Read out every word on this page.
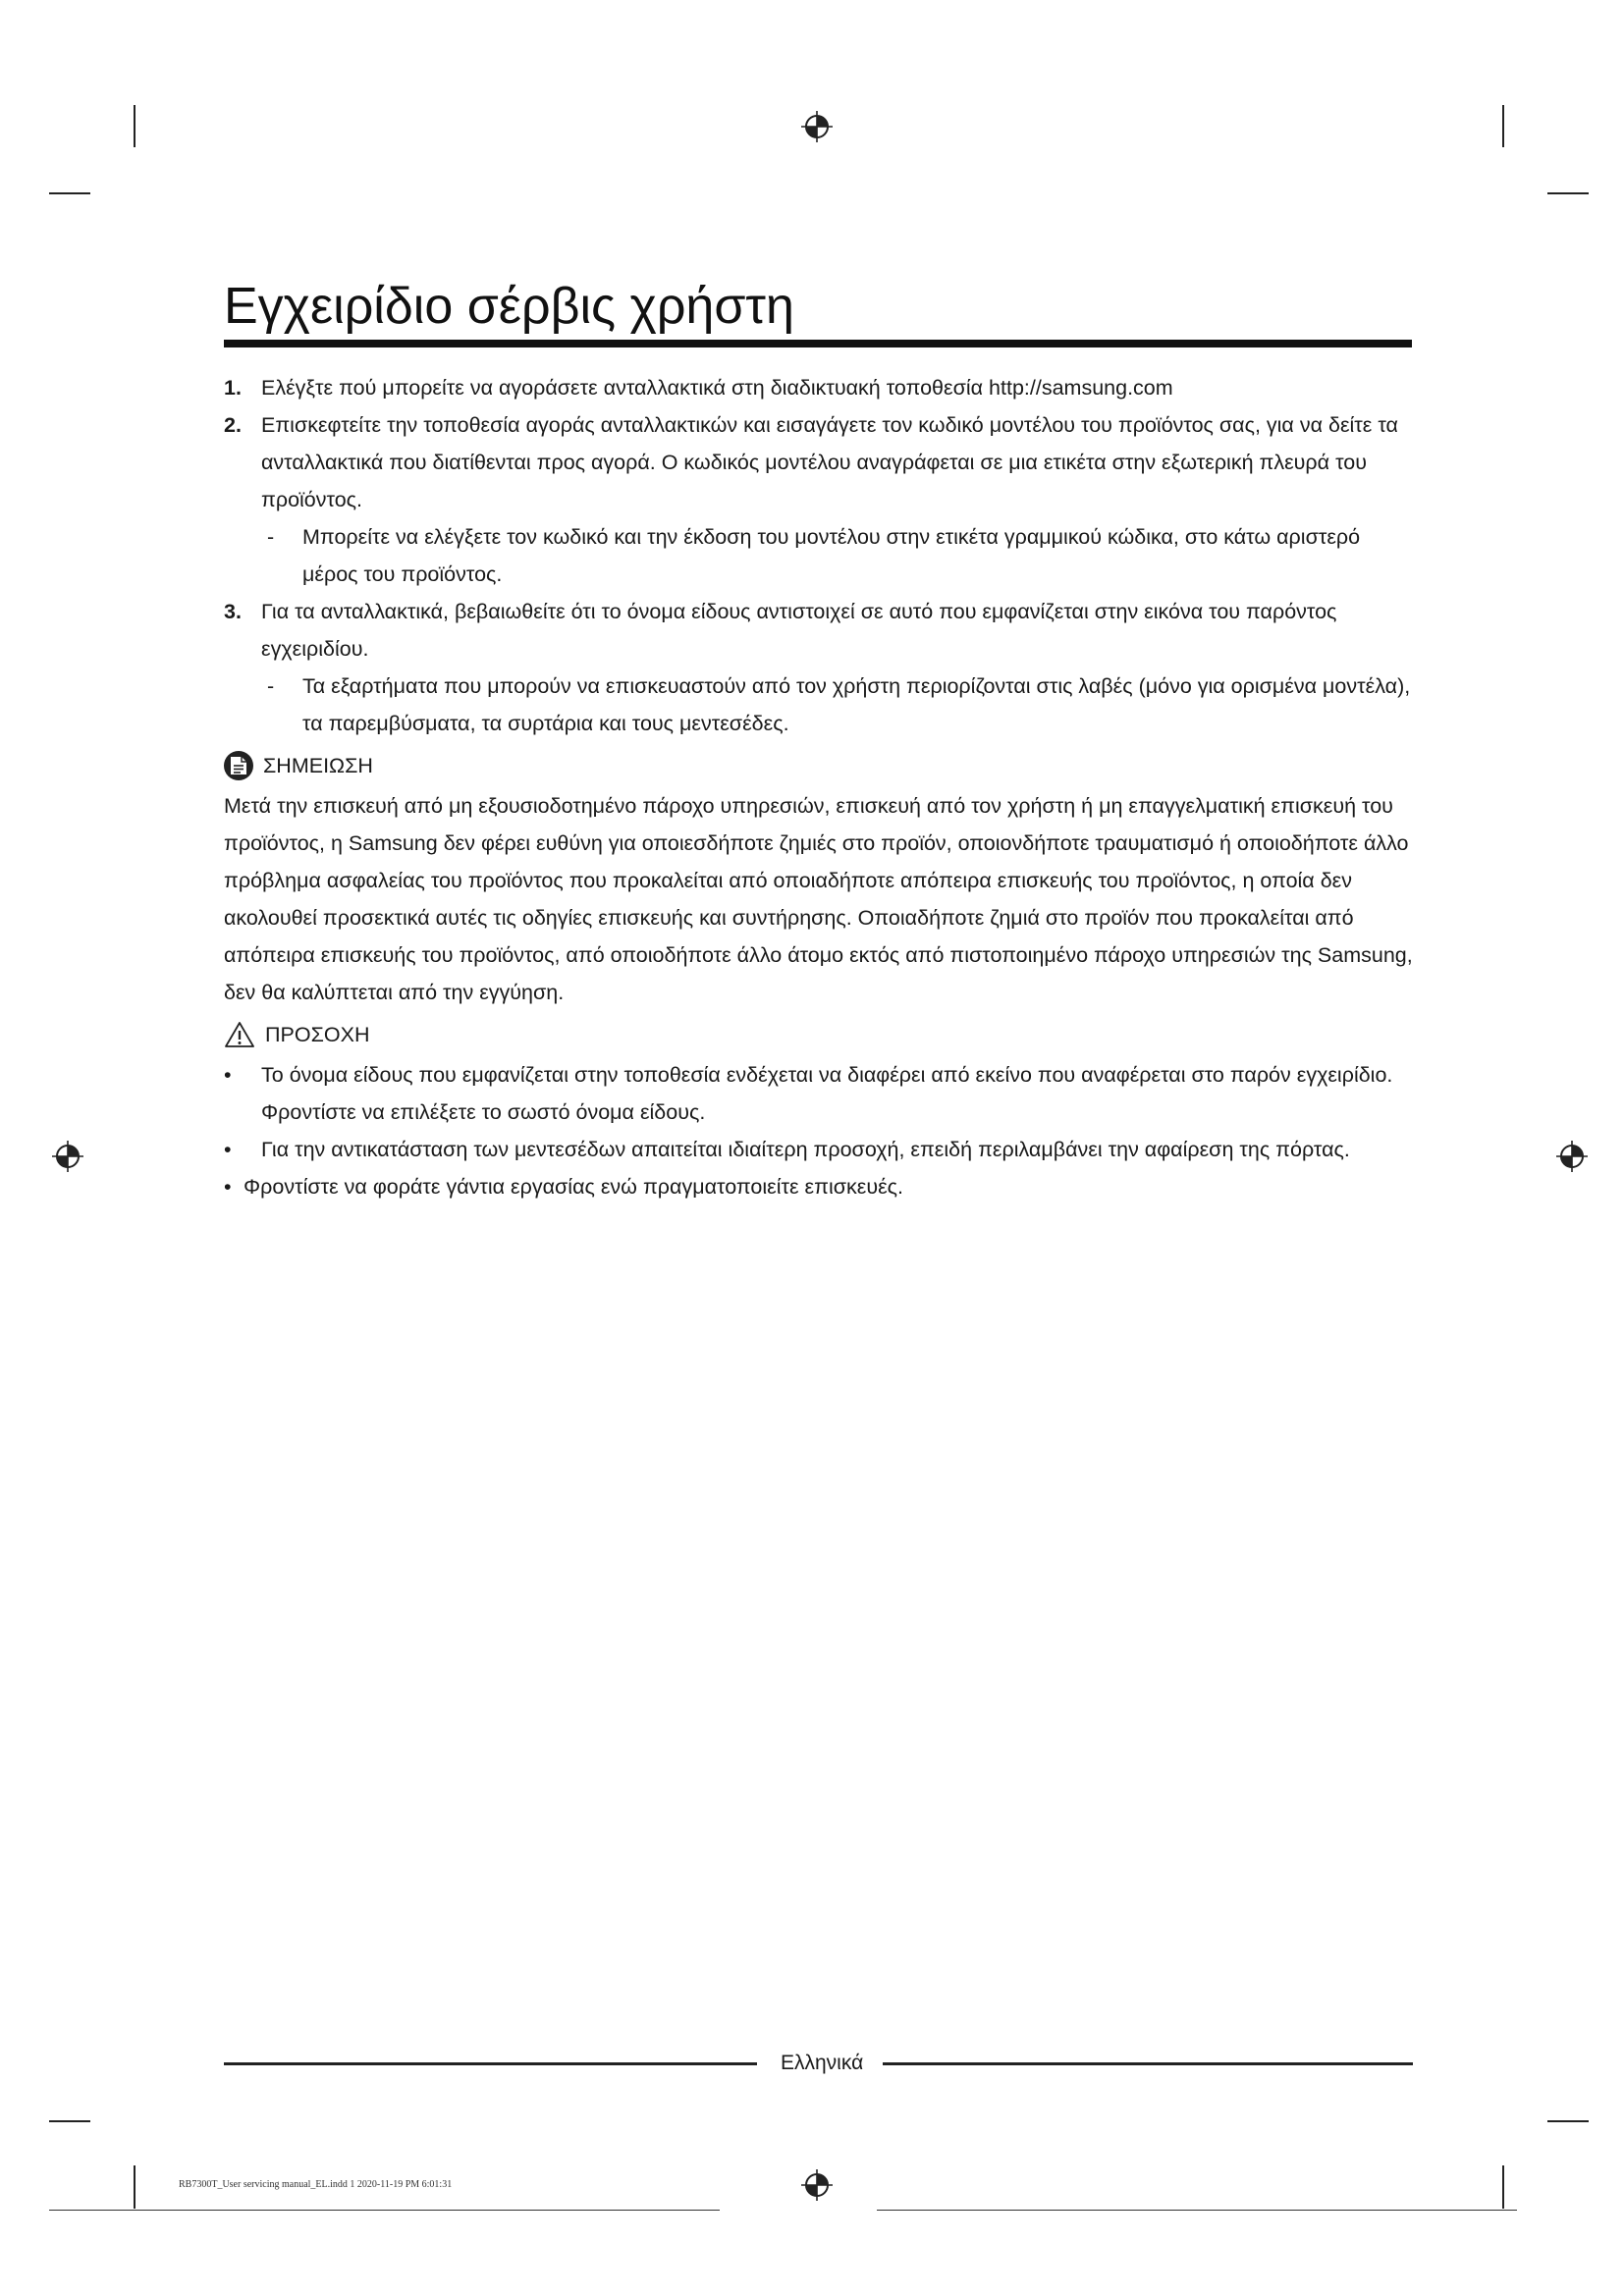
Εγχειρίδιο σέρβις χρήστη
1. Ελέγξτε πού μπορείτε να αγοράσετε ανταλλακτικά στη διαδικτυακή τοποθεσία http://samsung.com

2. Επισκεφτείτε την τοποθεσία αγοράς ανταλλακτικών και εισαγάγετε τον κωδικό μοντέλου του προϊόντος σας, για να δείτε τα ανταλλακτικά που διατίθενται προς αγορά. Ο κωδικός μοντέλου αναγράφεται σε μια ετικέτα στην εξωτερική πλευρά του προϊόντος.

- Μπορείτε να ελέγξετε τον κωδικό και την έκδοση του μοντέλου στην ετικέτα γραμμικού κώδικα, στο κάτω αριστερό μέρος του προϊόντος.

3. Για τα ανταλλακτικά, βεβαιωθείτε ότι το όνομα είδους αντιστοιχεί σε αυτό που εμφανίζεται στην εικόνα του παρόντος εγχειριδίου.

- Τα εξαρτήματα που μπορούν να επισκευαστούν από τον χρήστη περιορίζονται στις λαβές (μόνο για ορισμένα μοντέλα), τα παρεμβύσματα, τα συρτάρια και τους μεντεσέδες.

ΣΗΜΕΙΩΣΗ

Μετά την επισκευή από μη εξουσιοδοτημένο πάροχο υπηρεσιών, επισκευή από τον χρήστη ή μη επαγγελματική επισκευή του προϊόντος, η Samsung δεν φέρει ευθύνη για οποιεσδήποτε ζημιές στο προϊόν, οποιονδήποτε τραυματισμό ή οποιοδήποτε άλλο πρόβλημα ασφαλείας του προϊόντος που προκαλείται από οποιαδήποτε απόπειρα επισκευής του προϊόντος, η οποία δεν ακολουθεί προσεκτικά αυτές τις οδηγίες επισκευής και συντήρησης. Οποιαδήποτε ζημιά στο προϊόν που προκαλείται από απόπειρα επισκευής του προϊόντος, από οποιοδήποτε άλλο άτομο εκτός από πιστοποιημένο πάροχο υπηρεσιών της Samsung, δεν θα καλύπτεται από την εγγύηση.

ΠΡΟΣΟΧΗ
• Το όνομα είδους που εμφανίζεται στην τοποθεσία ενδέχεται να διαφέρει από εκείνο που αναφέρεται στο παρόν εγχειρίδιο. Φροντίστε να επιλέξετε το σωστό όνομα είδους.

• Για την αντικατάσταση των μεντεσέδων απαιτείται ιδιαίτερη προσοχή, επειδή περιλαμβάνει την αφαίρεση της πόρτας.

• Φροντίστε να φοράτε γάντια εργασίας ενώ πραγματοποιείτε επισκευές.

Ελληνικά
RB7300T_User servicing manual_EL.indd 1 2020-11-19 PM 6:01:31
